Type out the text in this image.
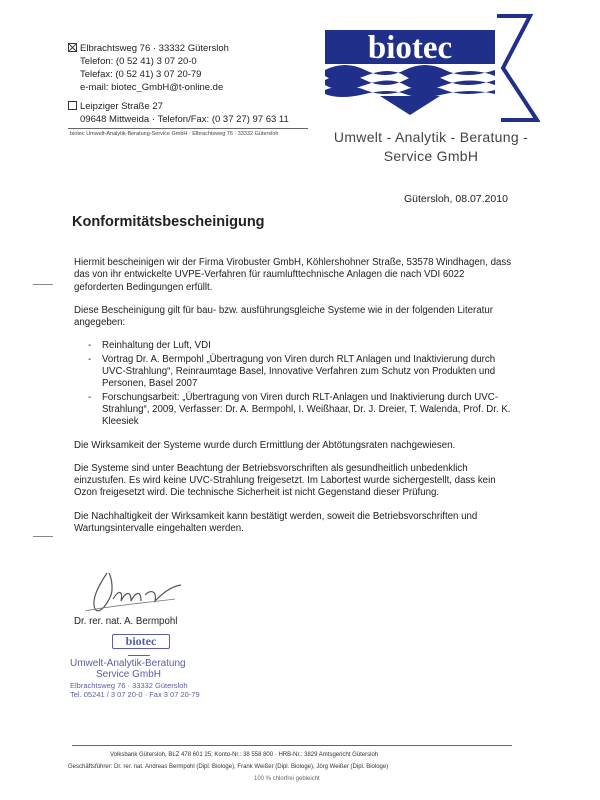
Elbrachtsweg 76 · 33332 Gütersloh
Telefon: (0 52 41) 3 07 20-0
Telefax: (0 52 41) 3 07 20-79
e-mail: biotec_GmbH@t-online.de
Leipziger Straße 27
09648 Mittweida · Telefon/Fax: (0 37 27) 97 63 11
biotec Umwelt-Analytik-Beratung-Service GmbH · Elbrachtsweg 76 · 33332 Gütersloh
biotec
Umwelt - Analytik - Beratung -
Service GmbH
Gütersloh, 08.07.2010
Konformitätsbescheinigung

Hiermit bescheinigen wir der Firma Virobuster GmbH, Köhlershohner Straße, 53578 Windhagen, dass das von ihr entwickelte UVPE-Verfahren für raumlufttechnische Anlagen die nach VDI 6022 geforderten Bedingungen erfüllt.

Diese Bescheinigung gilt für bau- bzw. ausführungsgleiche Systeme wie in der folgenden Literatur angegeben:

- Reinhaltung der Luft, VDI
- Vortrag Dr. A. Bermpohl „Übertragung von Viren durch RLT Anlagen und Inaktivierung durch UVC-Strahlung“, Reinraumtage Basel, Innovative Verfahren zum Schutz von Produkten und Personen, Basel 2007
- Forschungsarbeit: „Übertragung von Viren durch RLT-Anlagen und Inaktivierung durch UVC-Strahlung“, 2009, Verfasser: Dr. A. Bermpohl, I. Weißhaar, Dr. J. Dreier, T. Walenda, Prof. Dr. K. Kleesiek

Die Wirksamkeit der Systeme wurde durch Ermittlung der Abtötungsraten nachgewiesen.

Die Systeme sind unter Beachtung der Betriebsvorschriften als gesundheitlich unbedenklich einzustufen. Es wird keine UVC-Strahlung freigesetzt. Im Labortest wurde sichergestellt, dass kein Ozon freigesetzt wird. Die technische Sicherheit ist nicht Gegenstand dieser Prüfung.

Die Nachhaltigkeit der Wirksamkeit kann bestätigt werden, soweit die Betriebsvorschriften und Wartungsintervalle eingehalten werden.

Dr. rer. nat. A. Bermpohl
biotec
Umwelt-Analytik-Beratung
Service GmbH
Elbrachtsweg 76 · 33332 Gütersloh
Tel. 05241 / 3 07 20-0 · Fax 3 07 20-79
Volksbank Gütersloh, BLZ 478 601 25; Konto-Nr.: 38 558 800 · HRB-Nr.: 3829 Amtsgericht Gütersloh
Geschäftsführer: Dr. rer. nat. Andreas Bermpohl (Dipl. Biologe), Frank Weißer (Dipl. Biologe), Jörg Weißer (Dipl. Biologe)
100 % chlorfrei gebleicht
